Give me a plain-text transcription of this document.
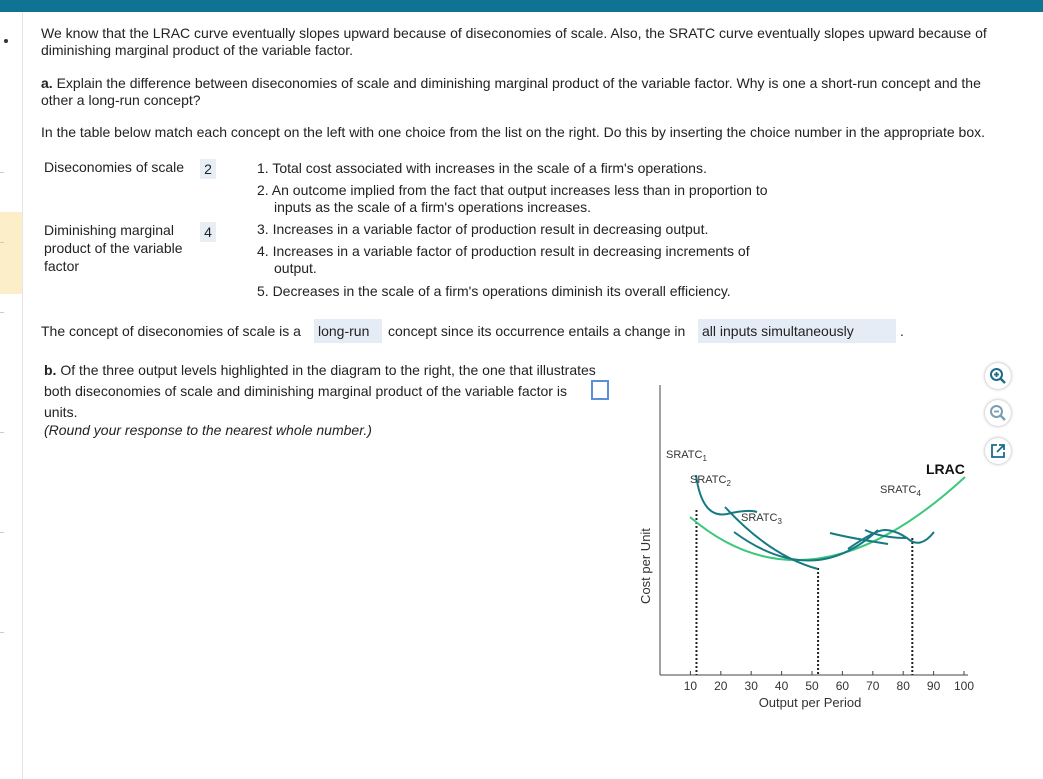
We know that the LRAC curve eventually slopes upward because of diseconomies of scale. Also, the SRATC curve eventually slopes upward because of diminishing marginal product of the variable factor.
a. Explain the difference between diseconomies of scale and diminishing marginal product of the variable factor. Why is one a short-run concept and the other a long-run concept?
In the table below match each concept on the left with one choice from the list on the right. Do this by inserting the choice number in the appropriate box.
Diseconomies of scale 2
Diminishing marginal product of the variable factor
4
1. Total cost associated with increases in the scale of a firm's operations.
2. An outcome implied from the fact that output increases less than in proportion to inputs as the scale of a firm's operations increases.
3. Increases in a variable factor of production result in decreasing output.
4. Increases in a variable factor of production result in decreasing increments of output.
5. Decreases in the scale of a firm's operations diminish its overall efficiency.
The concept of diseconomies of scale is a long-run	concept since its occurrence entails a change in all inputs simultaneously	.
b. Of the three output levels highlighted in the diagram to the right, the one that illustrates
both diseconomies of scale and diminishing marginal product of the variable factor is
units.
(Round your response to the nearest whole number.)
10 20 30 40 50 60 70 80 90 100
Output per Period
Cost per Unit
LRAC
$SRATC_1$
$SRATC_2$
$SRATC_3$
$SRATC_4$
